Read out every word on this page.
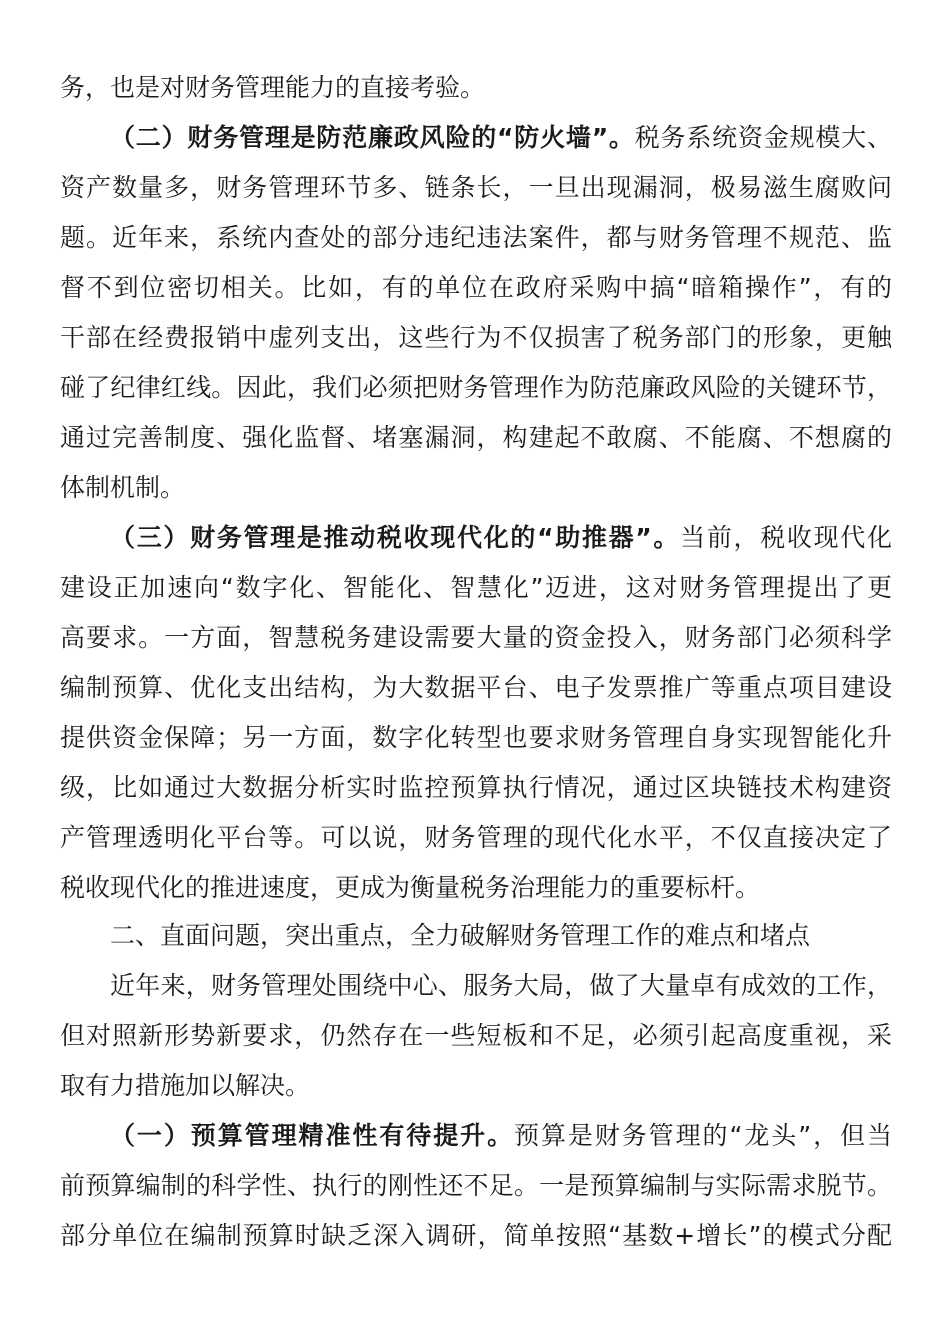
务，也是对财务管理能力的直接考验。
（二）财务管理是防范廉政风险的“防火墙”。税务系统资金规模大、
资产数量多，财务管理环节多、链条长，一旦出现漏洞，极易滋生腐败问
题。近年来，系统内查处的部分违纪违法案件，都与财务管理不规范、监
督不到位密切相关。比如，有的单位在政府采购中搞“暗箱操作”，有的
干部在经费报销中虚列支出，这些行为不仅损害了税务部门的形象，更触
碰了纪律红线。因此，我们必须把财务管理作为防范廉政风险的关键环节，
通过完善制度、强化监督、堵塞漏洞，构建起不敢腐、不能腐、不想腐的
体制机制。
（三）财务管理是推动税收现代化的“助推器”。当前，税收现代化
建设正加速向“数字化、智能化、智慧化”迈进，这对财务管理提出了更
高要求。一方面，智慧税务建设需要大量的资金投入，财务部门必须科学
编制预算、优化支出结构，为大数据平台、电子发票推广等重点项目建设
提供资金保障；另一方面，数字化转型也要求财务管理自身实现智能化升
级，比如通过大数据分析实时监控预算执行情况，通过区块链技术构建资
产管理透明化平台等。可以说，财务管理的现代化水平，不仅直接决定了
税收现代化的推进速度，更成为衡量税务治理能力的重要标杆。
二、直面问题，突出重点，全力破解财务管理工作的难点和堵点
近年来，财务管理处围绕中心、服务大局，做了大量卓有成效的工作，
但对照新形势新要求，仍然存在一些短板和不足，必须引起高度重视，采
取有力措施加以解决。
（一）预算管理精准性有待提升。预算是财务管理的“龙头”，但当
前预算编制的科学性、执行的刚性还不足。一是预算编制与实际需求脱节。
部分单位在编制预算时缺乏深入调研，简单按照“基数+增长”的模式分配
